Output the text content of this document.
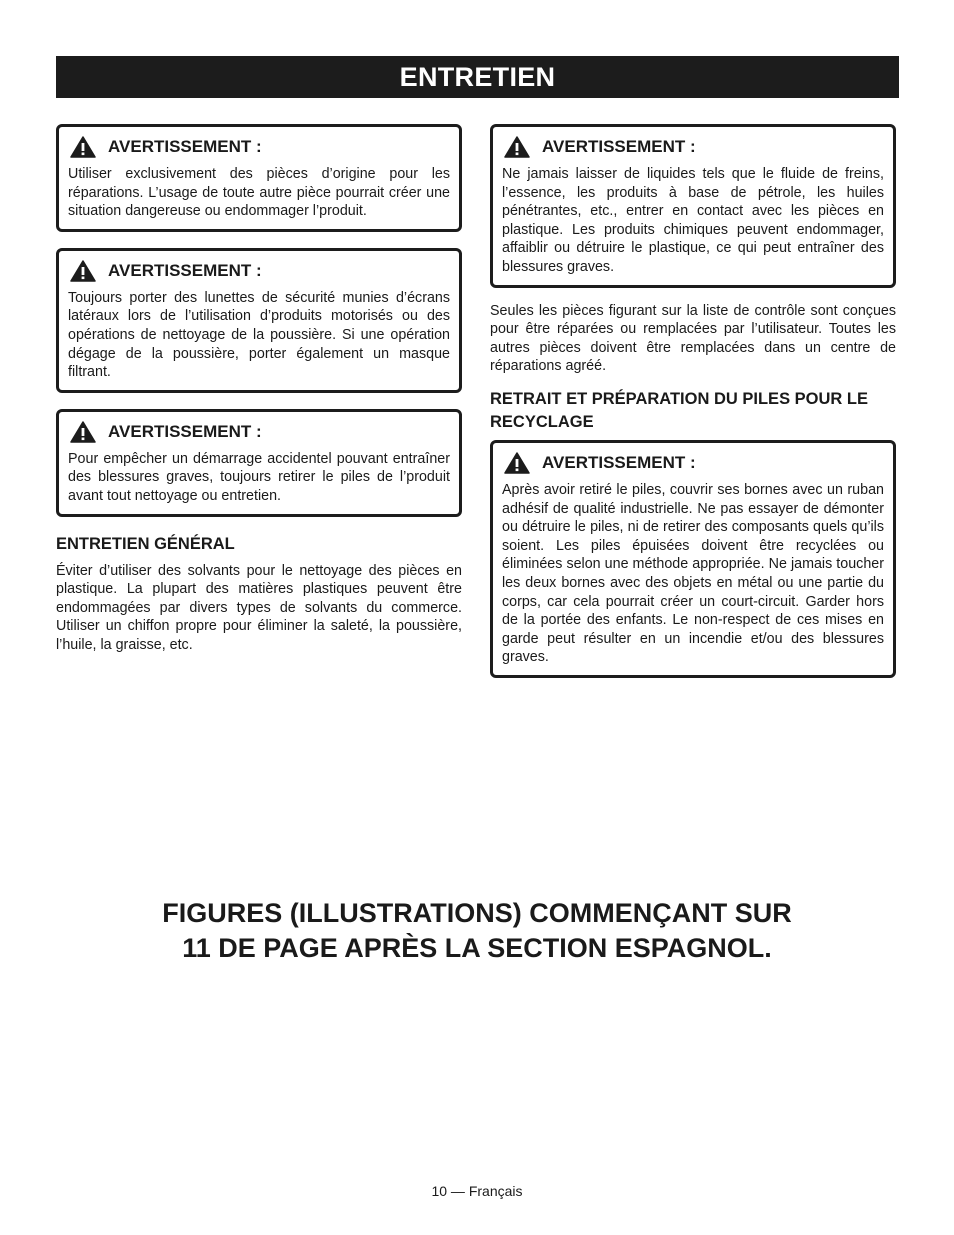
ENTRETIEN
AVERTISSEMENT :

Utiliser exclusivement des pièces d’origine pour les réparations. L’usage de toute autre pièce pourrait créer une situation dangereuse ou endommager l’produit.

AVERTISSEMENT :

Toujours porter des lunettes de sécurité munies d’écrans latéraux lors de l’utilisation d’produits motorisés ou des opérations de nettoyage de la poussière. Si une opération dégage de la poussière, porter également un masque filtrant.

AVERTISSEMENT :

Pour empêcher un démarrage accidentel pouvant entraîner des blessures graves, toujours retirer le piles de l’produit avant tout nettoyage ou entretien.

ENTRETIEN GÉNÉRAL

Éviter d’utiliser des solvants pour le nettoyage des pièces en plastique. La plupart des matières plastiques peuvent être endommagées par divers types de solvants du commerce. Utiliser un chiffon propre pour éliminer la saleté, la poussière, l’huile, la graisse, etc.

AVERTISSEMENT :

Ne jamais laisser de liquides tels que le fluide de freins, l’essence, les produits à base de pétrole, les huiles pénétrantes, etc., entrer en contact avec les pièces en plastique. Les produits chimiques peuvent endommager, affaiblir ou détruire le plastique, ce qui peut entraîner des blessures graves.

Seules les pièces figurant sur la liste de contrôle sont conçues pour être réparées ou remplacées par l’utilisateur. Toutes les autres pièces doivent être remplacées dans un centre de réparations agréé.

RETRAIT ET PRÉPARATION DU PILES POUR LE RECYCLAGE
AVERTISSEMENT :

Après avoir retiré le piles, couvrir ses bornes avec un ruban adhésif de qualité industrielle. Ne pas essayer de démonter ou détruire le piles, ni de retirer des composants quels qu’ils soient. Les piles épuisées doivent être recyclées ou éliminées selon une méthode appropriée. Ne jamais toucher les deux bornes avec des objets en métal ou une partie du corps, car cela pourrait créer un court-circuit. Garder hors de la portée des enfants. Le non-respect de ces mises en garde peut résulter en un incendie et/ou des blessures graves.

FIGURES (ILLUSTRATIONS) COMMENÇANT SUR
11 DE PAGE APRÈS LA SECTION ESPAGNOL.
10 — Français
